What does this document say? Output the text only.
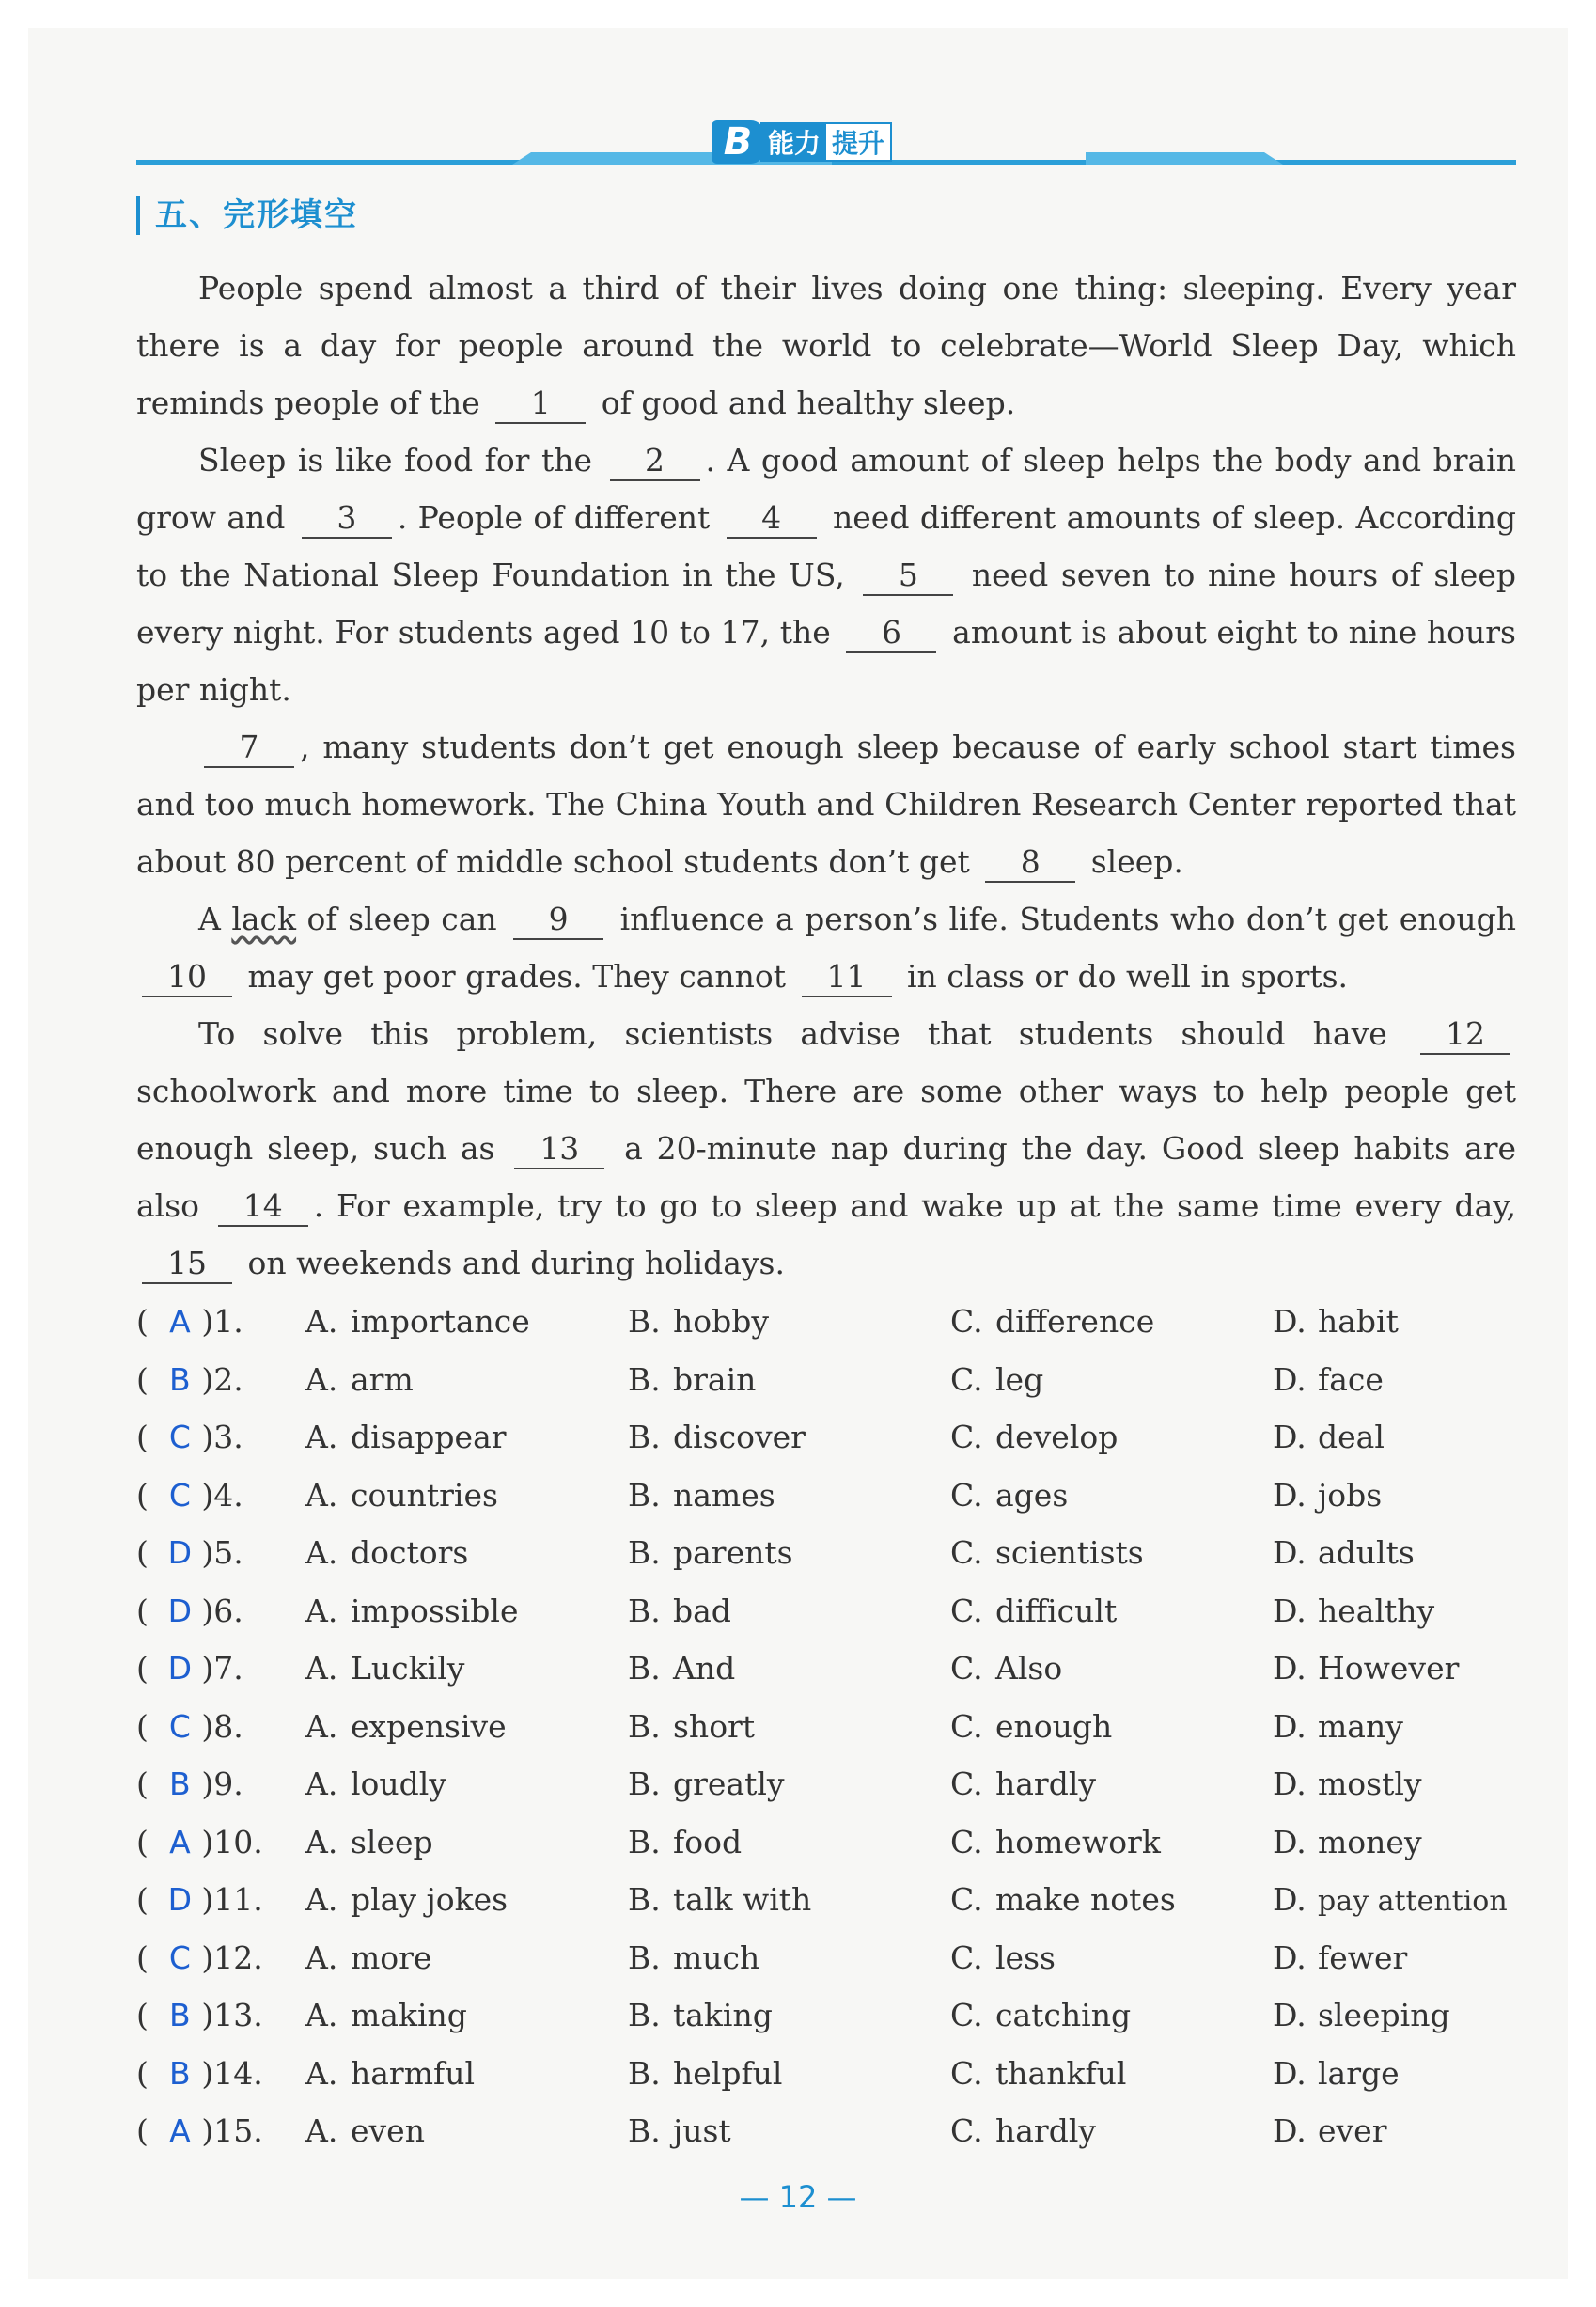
B 能力 提升
五、完形填空

People spend almost a third of their lives doing one thing: sleeping. Every year there is a day for people around the world to celebrate—World Sleep Day, which reminds people of the 1 of good and healthy sleep.

Sleep is like food for the 2 . A good amount of sleep helps the body and brain grow and 3 . People of different 4 need different amounts of sleep. According to the National Sleep Foundation in the US, 5 need seven to nine hours of sleep every night. For students aged 10 to 17, the 6 amount is about eight to nine hours per night.

7 , many students don’t get enough sleep because of early school start times and too much homework. The China Youth and Children Research Center reported that about 80 percent of middle school students don’t get 8 sleep.

A lack of sleep can 9 influence a person’s life. Students who don’t get enough 10 may get poor grades. They cannot 11 in class or do well in sports.

To solve this problem, scientists advise that students should have 12 schoolwork and more time to sleep. There are some other ways to help people get enough sleep, such as 13 a 20-minute nap during the day. Good sleep habits are also 14 . For example, try to go to sleep and wake up at the same time every day, 15 on weekends and during holidays.

( A )1.	A. importance	B. hobby	C. difference	D. habit
( B )2.	A. arm	B. brain	C. leg	D. face
( C )3.	A. disappear	B. discover	C. develop	D. deal
( C )4.	A. countries	B. names	C. ages	D. jobs
( D )5.	A. doctors	B. parents	C. scientists	D. adults
( D )6.	A. impossible	B. bad	C. difficult	D. healthy
( D )7.	A. Luckily	B. And	C. Also	D. However
( C )8.	A. expensive	B. short	C. enough	D. many
( B )9.	A. loudly	B. greatly	C. hardly	D. mostly
( A )10.	A. sleep	B. food	C. homework	D. money
( D )11.	A. play jokes	B. talk with	C. make notes	D. pay attention
( C )12.	A. more	B. much	C. less	D. fewer
( B )13.	A. making	B. taking	C. catching	D. sleeping
( B )14.	A. harmful	B. helpful	C. thankful	D. large
( A )15.	A. even	B. just	C. hardly	D. ever
— 12 —
